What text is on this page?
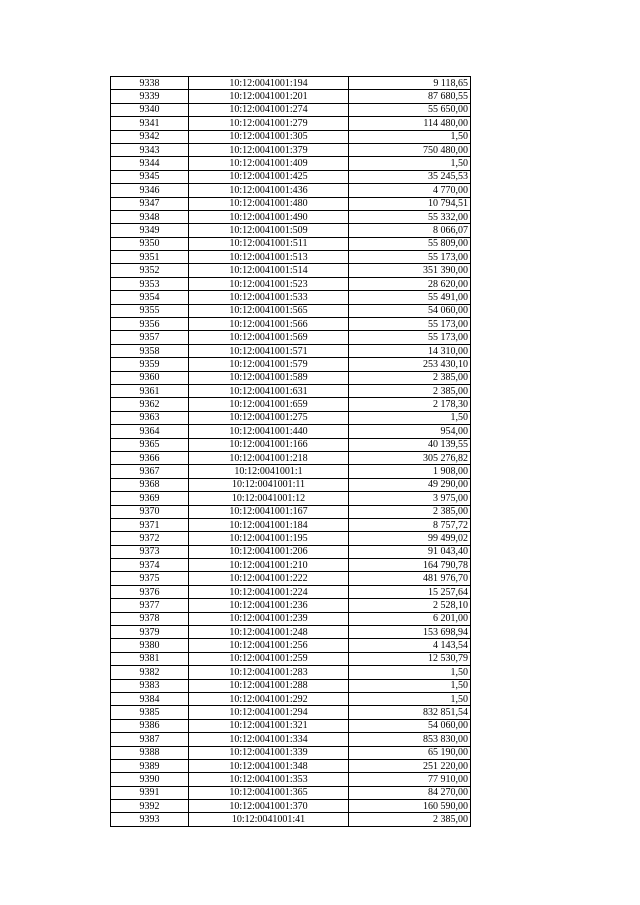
9338	10:12:0041001:194	9 118,65
9339	10:12:0041001:201	87 680,55
9340	10:12:0041001:274	55 650,00
9341	10:12:0041001:279	114 480,00
9342	10:12:0041001:305	1,50
9343	10:12:0041001:379	750 480,00
9344	10:12:0041001:409	1,50
9345	10:12:0041001:425	35 245,53
9346	10:12:0041001:436	4 770,00
9347	10:12:0041001:480	10 794,51
9348	10:12:0041001:490	55 332,00
9349	10:12:0041001:509	8 066,07
9350	10:12:0041001:511	55 809,00
9351	10:12:0041001:513	55 173,00
9352	10:12:0041001:514	351 390,00
9353	10:12:0041001:523	28 620,00
9354	10:12:0041001:533	55 491,00
9355	10:12:0041001:565	54 060,00
9356	10:12:0041001:566	55 173,00
9357	10:12:0041001:569	55 173,00
9358	10:12:0041001:571	14 310,00
9359	10:12:0041001:579	253 430,10
9360	10:12:0041001:589	2 385,00
9361	10:12:0041001:631	2 385,00
9362	10:12:0041001:659	2 178,30
9363	10:12:0041001:275	1,50
9364	10:12:0041001:440	954,00
9365	10:12:0041001:166	40 139,55
9366	10:12:0041001:218	305 276,82
9367	10:12:0041001:1	1 908,00
9368	10:12:0041001:11	49 290,00
9369	10:12:0041001:12	3 975,00
9370	10:12:0041001:167	2 385,00
9371	10:12:0041001:184	8 757,72
9372	10:12:0041001:195	99 499,02
9373	10:12:0041001:206	91 043,40
9374	10:12:0041001:210	164 790,78
9375	10:12:0041001:222	481 976,70
9376	10:12:0041001:224	15 257,64
9377	10:12:0041001:236	2 528,10
9378	10:12:0041001:239	6 201,00
9379	10:12:0041001:248	153 698,94
9380	10:12:0041001:256	4 143,54
9381	10:12:0041001:259	12 530,79
9382	10:12:0041001:283	1,50
9383	10:12:0041001:288	1,50
9384	10:12:0041001:292	1,50
9385	10:12:0041001:294	832 851,54
9386	10:12:0041001:321	54 060,00
9387	10:12:0041001:334	853 830,00
9388	10:12:0041001:339	65 190,00
9389	10:12:0041001:348	251 220,00
9390	10:12:0041001:353	77 910,00
9391	10:12:0041001:365	84 270,00
9392	10:12:0041001:370	160 590,00
9393	10:12:0041001:41	2 385,00
